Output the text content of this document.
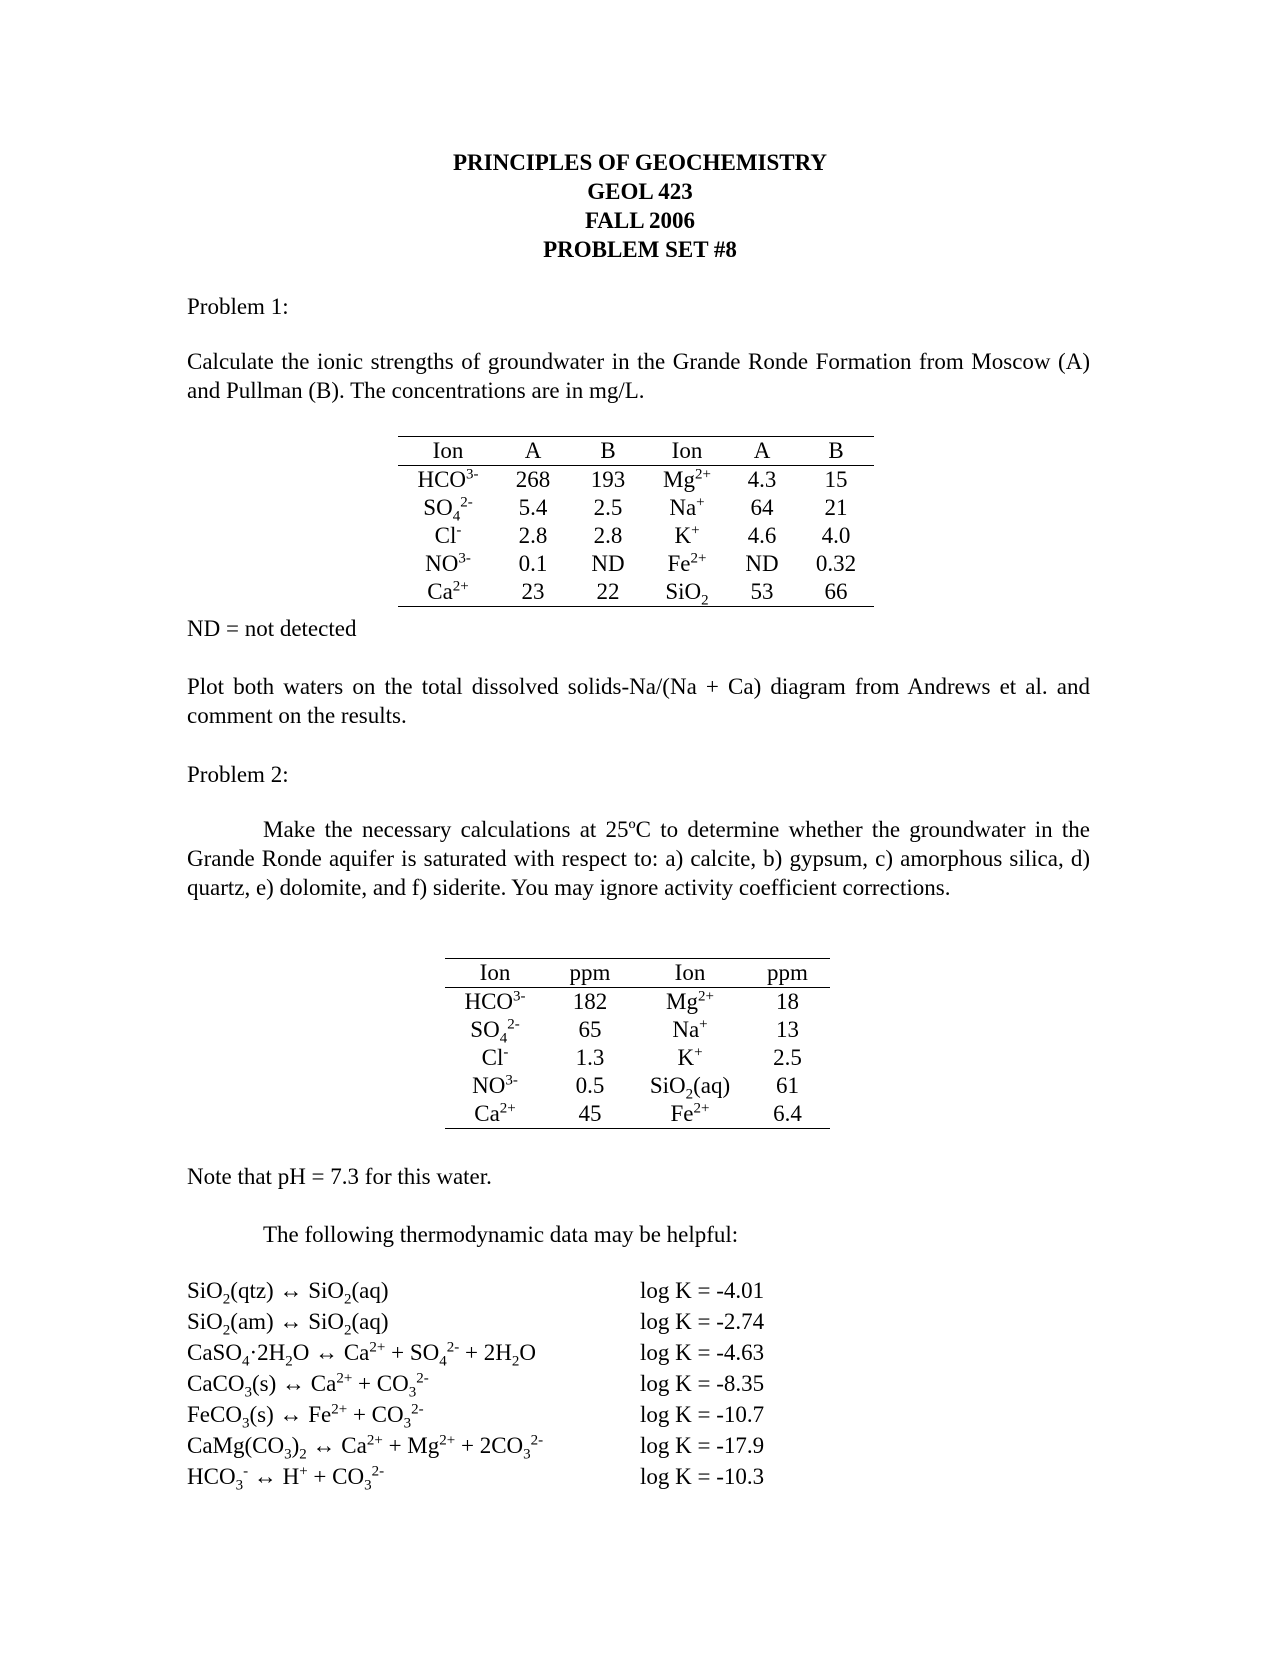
PRINCIPLES OF GEOCHEMISTRY
GEOL 423
FALL 2006
PROBLEM SET #8
Problem 1:
Calculate the ionic strengths of groundwater in the Grande Ronde Formation from Moscow (A) and Pullman (B). The concentrations are in mg/L.
Ion	A	B	Ion	A	B
$HCO^{3-}$	268	193	$Mg^{2+}$	4.3	15
$SO_4^{2-}$	5.4	2.5	Na+	64	21
Cl-	2.8	2.8	K+	4.6	4.0
$NO^{3-}$	0.1	ND	$Fe^{2+}$	ND	0.32
$Ca^{2+}$	23	22	SiO$_2$	53	66
ND = not detected
Plot both waters on the total dissolved solids-Na/(Na + Ca) diagram from Andrews et al. and comment on the results.
Problem 2:
Make the necessary calculations at 25ºC to determine whether the groundwater in the Grande Ronde aquifer is saturated with respect to: a) calcite, b) gypsum, c) amorphous silica, d) quartz, e) dolomite, and f) siderite. You may ignore activity coefficient corrections.
Ion	ppm	Ion	ppm
$HCO^{3-}$	182	$Mg^{2+}$	18
$SO_4^{2-}$	65	Na+	13
Cl-	1.3	K+	2.5
$NO^{3-}$	0.5	SiO$_2$(aq)	61
$Ca^{2+}$	45	$Fe^{2+}$	6.4
Note that pH = 7.3 for this water.
The following thermodynamic data may be helpful:
SiO$_2$(qtz) ↔ SiO$_2$(aq)	log K = -4.01
SiO$_2$(am) ↔ SiO$_2$(aq)	log K = -2.74
$CaSO_4\cdot 2H_2O$ ↔ $Ca^{2+} + SO_4^{2-} + 2H_2O$	log K = -4.63
CaCO$_3$(s) ↔ $Ca^{2+} + CO_3^{2-}$	log K = -8.35
FeCO$_3$(s) ↔ $Fe^{2+} + CO_3^{2-}$	log K = -10.7
$CaMg(CO_3)_2$ ↔ $Ca^{2+} + Mg^{2+} + 2CO_3^{2-}$	log K = -17.9
$HCO_3^-$ ↔ $H^+ + CO_3^{2-}$	log K = -10.3
